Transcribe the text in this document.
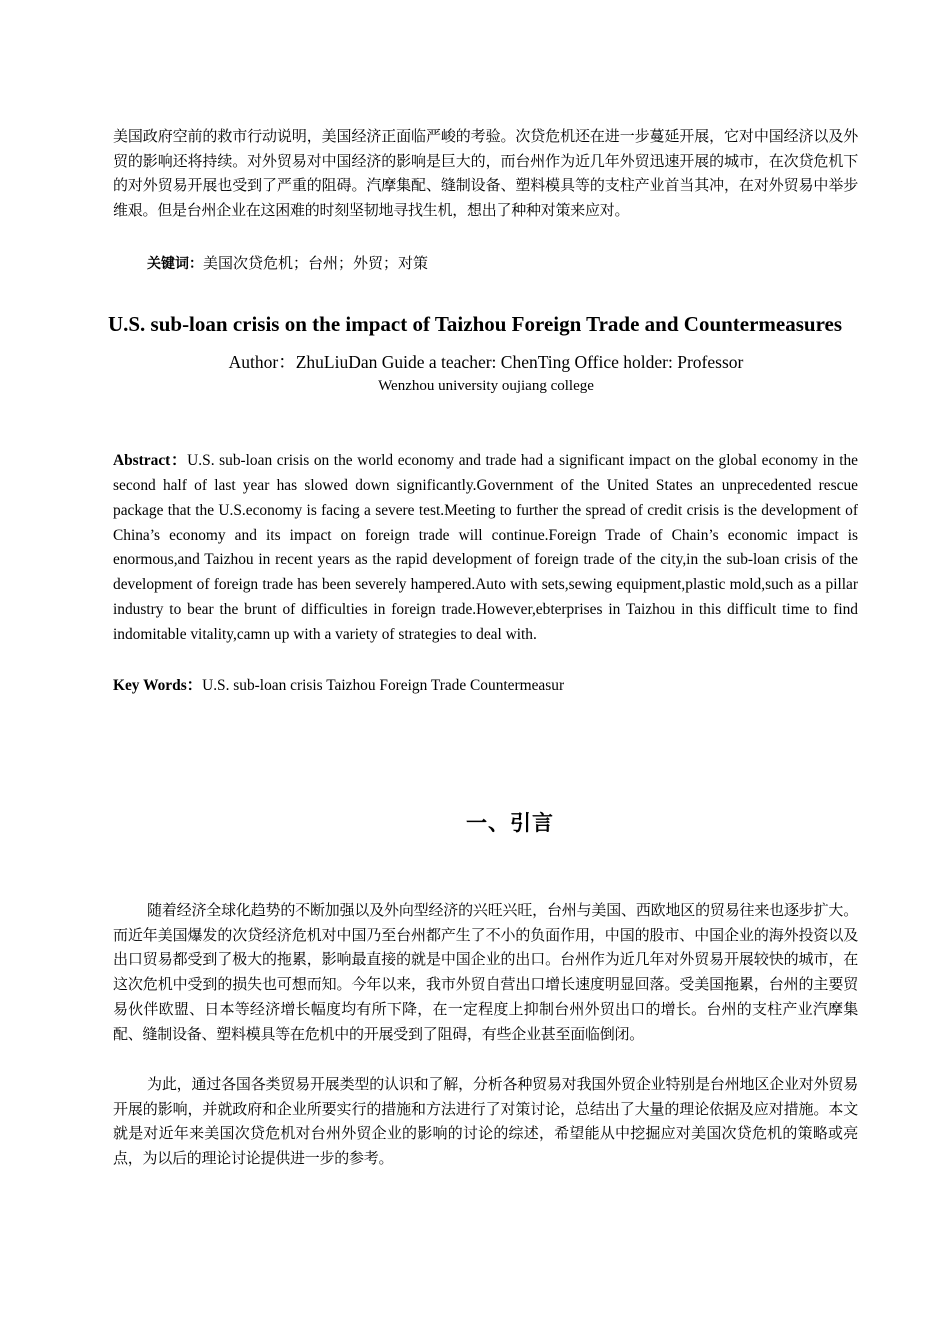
美国政府空前的救市行动说明，美国经济正面临严峻的考验。次贷危机还在进一步蔓延开展，它对中国经济以及外贸的影响还将持续。对外贸易对中国经济的影响是巨大的，而台州作为近几年外贸迅速开展的城市，在次贷危机下的对外贸易开展也受到了严重的阻碍。汽摩集配、缝制设备、塑料模具等的支柱产业首当其冲，在对外贸易中举步维艰。但是台州企业在这困难的时刻坚韧地寻找生机，想出了种种对策来应对。

关键词：美国次贷危机；台州；外贸；对策

U.S. sub-loan crisis on the impact of Taizhou Foreign Trade and Countermeasures

Author：ZhuLiuDan Guide a teacher: ChenTing Office holder: Professor

Wenzhou university oujiang college

Abstract：U.S. sub-loan crisis on the world economy and trade had a significant impact on the global economy in the second half of last year has slowed down significantly.Government of the United States an unprecedented rescue package that the U.S.economy is facing a severe test.Meeting to further the spread of credit crisis is the development of China’s economy and its impact on foreign trade will continue.Foreign Trade of Chain’s economic impact is enormous,and Taizhou in recent years as the rapid development of foreign trade of the city,in the sub-loan crisis of the development of foreign trade has been severely hampered.Auto with sets,sewing equipment,plastic mold,such as a pillar industry to bear the brunt of difficulties in foreign trade.However,ebterprises in Taizhou in this difficult time to find indomitable vitality,camn up with a variety of strategies to deal with.

Key Words：U.S. sub-loan crisis Taizhou Foreign Trade Countermeasur

一、引言

随着经济全球化趋势的不断加强以及外向型经济的兴旺兴旺，台州与美国、西欧地区的贸易往来也逐步扩大。而近年美国爆发的次贷经济危机对中国乃至台州都产生了不小的负面作用，中国的股市、中国企业的海外投资以及出口贸易都受到了极大的拖累，影响最直接的就是中国企业的出口。台州作为近几年对外贸易开展较快的城市，在这次危机中受到的损失也可想而知。今年以来，我市外贸自营出口增长速度明显回落。受美国拖累，台州的主要贸易伙伴欧盟、日本等经济增长幅度均有所下降，在一定程度上抑制台州外贸出口的增长。台州的支柱产业汽摩集配、缝制设备、塑料模具等在危机中的开展受到了阻碍，有些企业甚至面临倒闭。

为此，通过各国各类贸易开展类型的认识和了解，分析各种贸易对我国外贸企业特别是台州地区企业对外贸易开展的影响，并就政府和企业所要实行的措施和方法进行了对策讨论，总结出了大量的理论依据及应对措施。本文就是对近年来美国次贷危机对台州外贸企业的影响的讨论的综述，希望能从中挖掘应对美国次贷危机的策略或亮点，为以后的理论讨论提供进一步的参考。
